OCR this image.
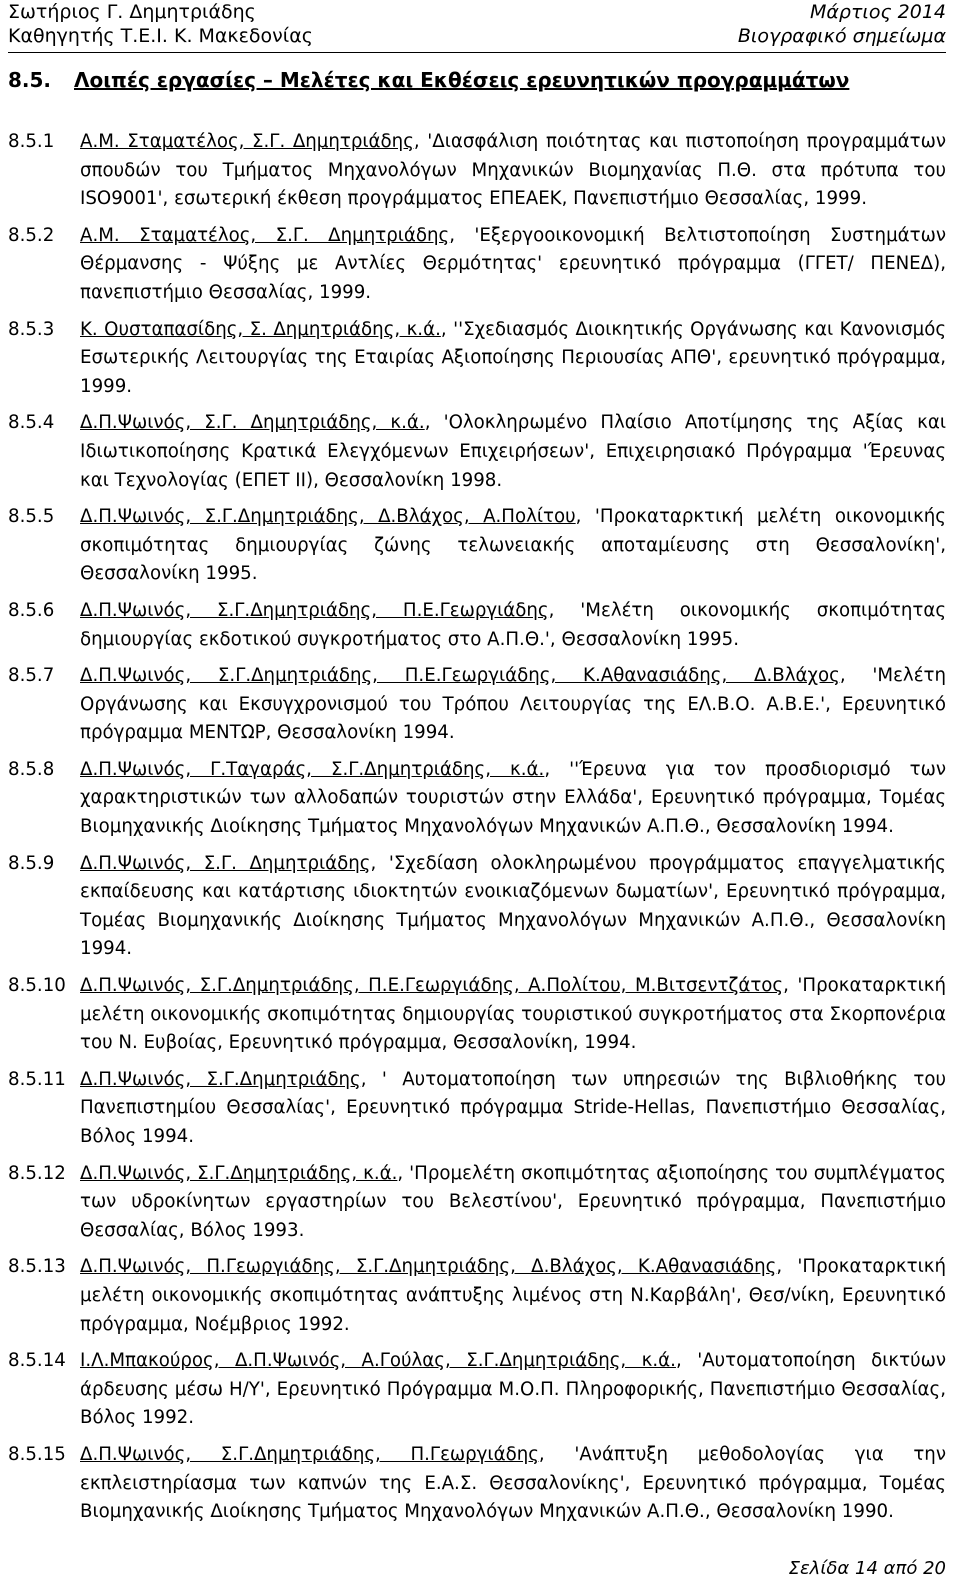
Σωτήριος Γ. Δημητριάδης	Μάρτιος 2014
Καθηγητής Τ.Ε.Ι. Κ. Μακεδονίας	Βιογραφικό σημείωμα
8.5. Λοιπές εργασίες – Μελέτες και Εκθέσεις ερευνητικών προγραμμάτων
8.5.1	Α.Μ. Σταματέλος, Σ.Γ. Δημητριάδης, 'Διασφάλιση ποιότητας και πιστοποίηση προγραμμάτων σπουδών του Τμήματος Μηχανολόγων Μηχανικών Βιομηχανίας Π.Θ. στα πρότυπα του ISO9001', εσωτερική έκθεση προγράμματος ΕΠΕΑΕΚ, Πανεπιστήμιο Θεσσαλίας, 1999.
8.5.2	Α.Μ. Σταματέλος, Σ.Γ. Δημητριάδης, 'Εξεργοοικονομική Βελτιστοποίηση Συστημάτων Θέρμανσης - Ψύξης με Αντλίες Θερμότητας' ερευνητικό πρόγραμμα (ΓΓΕΤ/ ΠΕΝΕΔ), πανεπιστήμιο Θεσσαλίας, 1999.
8.5.3	Κ. Ουσταπασίδης, Σ. Δημητριάδης, κ.ά., ''Σχεδιασμός Διοικητικής Οργάνωσης και Κανονισμός Εσωτερικής Λειτουργίας της Εταιρίας Αξιοποίησης Περιουσίας ΑΠΘ', ερευνητικό πρόγραμμα, 1999.
8.5.4	Δ.Π.Ψωινός, Σ.Γ. Δημητριάδης, κ.ά., 'Ολοκληρωμένο Πλαίσιο Αποτίμησης της Αξίας και Ιδιωτικοποίησης Κρατικά Ελεγχόμενων Επιχειρήσεων', Επιχειρησιακό Πρόγραμμα 'Έρευνας και Τεχνολογίας (ΕΠΕΤ ΙΙ), Θεσσαλονίκη 1998.
8.5.5	Δ.Π.Ψωινός, Σ.Γ.Δημητριάδης, Δ.Βλάχος, Α.Πολίτου, 'Προκαταρκτική μελέτη οικονομικής σκοπιμότητας δημιουργίας ζώνης τελωνειακής αποταμίευσης στη Θεσσαλονίκη', Θεσσαλονίκη 1995.
8.5.6	Δ.Π.Ψωινός, Σ.Γ.Δημητριάδης, Π.Ε.Γεωργιάδης, 'Μελέτη οικονομικής σκοπιμότητας δημιουργίας εκδοτικού συγκροτήματος στο Α.Π.Θ.', Θεσσαλονίκη 1995.
8.5.7	Δ.Π.Ψωινός, Σ.Γ.Δημητριάδης, Π.Ε.Γεωργιάδης, Κ.Αθανασιάδης, Δ.Βλάχος, 'Μελέτη Οργάνωσης και Εκσυγχρονισμού του Τρόπου Λειτουργίας της ΕΛ.Β.Ο. Α.Β.Ε.', Ερευνητικό πρόγραμμα ΜΕΝΤΩΡ, Θεσσαλονίκη 1994.
8.5.8	Δ.Π.Ψωινός, Γ.Ταγαράς, Σ.Γ.Δημητριάδης, κ.ά., ''Έρευνα για τον προσδιορισμό των χαρακτηριστικών των αλλοδαπών τουριστών στην Ελλάδα', Ερευνητικό πρόγραμμα, Τομέας Βιομηχανικής Διοίκησης Τμήματος Μηχανολόγων Μηχανικών Α.Π.Θ., Θεσσαλονίκη 1994.
8.5.9	Δ.Π.Ψωινός, Σ.Γ. Δημητριάδης, 'Σχεδίαση ολοκληρωμένου προγράμματος επαγγελματικής εκπαίδευσης και κατάρτισης ιδιοκτητών ενοικιαζόμενων δωματίων', Ερευνητικό πρόγραμμα, Τομέας Βιομηχανικής Διοίκησης Τμήματος Μηχανολόγων Μηχανικών Α.Π.Θ., Θεσσαλονίκη 1994.
8.5.10 Δ.Π.Ψωινός, Σ.Γ.Δημητριάδης, Π.Ε.Γεωργιάδης, Α.Πολίτου, Μ.Βιτσεντζάτος, 'Προκαταρκτική μελέτη οικονομικής σκοπιμότητας δημιουργίας τουριστικού συγκροτήματος στα Σκορπονέρια του Ν. Ευβοίας, Ερευνητικό πρόγραμμα, Θεσσαλονίκη, 1994.
8.5.11 Δ.Π.Ψωινός, Σ.Γ.Δημητριάδης, ' Αυτοματοποίηση των υπηρεσιών της Βιβλιοθήκης του Πανεπιστημίου Θεσσαλίας', Ερευνητικό πρόγραμμα Stride-Hellas, Πανεπιστήμιο Θεσσαλίας, Βόλος 1994.
8.5.12 Δ.Π.Ψωινός, Σ.Γ.Δημητριάδης, κ.ά., 'Προμελέτη σκοπιμότητας αξιοποίησης του συμπλέγματος των υδροκίνητων εργαστηρίων του Βελεστίνου', Ερευνητικό πρόγραμμα, Πανεπιστήμιο Θεσσαλίας, Βόλος 1993.
8.5.13 Δ.Π.Ψωινός, Π.Γεωργιάδης, Σ.Γ.Δημητριάδης, Δ.Βλάχος, Κ.Αθανασιάδης, 'Προκαταρκτική μελέτη οικονομικής σκοπιμότητας ανάπτυξης λιμένος στη Ν.Καρβάλη', Θεσ/νίκη, Ερευνητικό πρόγραμμα, Νοέμβριος 1992.
8.5.14 Ι.Λ.Μπακούρος, Δ.Π.Ψωινός, Α.Γούλας, Σ.Γ.Δημητριάδης, κ.ά., 'Αυτοματοποίηση δικτύων άρδευσης μέσω Η/Υ', Ερευνητικό Πρόγραμμα Μ.Ο.Π. Πληροφορικής, Πανεπιστήμιο Θεσσαλίας, Βόλος 1992.
8.5.15 Δ.Π.Ψωινός, Σ.Γ.Δημητριάδης, Π.Γεωργιάδης, 'Ανάπτυξη μεθοδολογίας για την εκπλειστηρίασμα των καπνών της Ε.Α.Σ. Θεσσαλονίκης', Ερευνητικό πρόγραμμα, Τομέας Βιομηχανικής Διοίκησης Τμήματος Μηχανολόγων Μηχανικών Α.Π.Θ., Θεσσαλονίκη 1990.
Σελίδα 14 από 20
